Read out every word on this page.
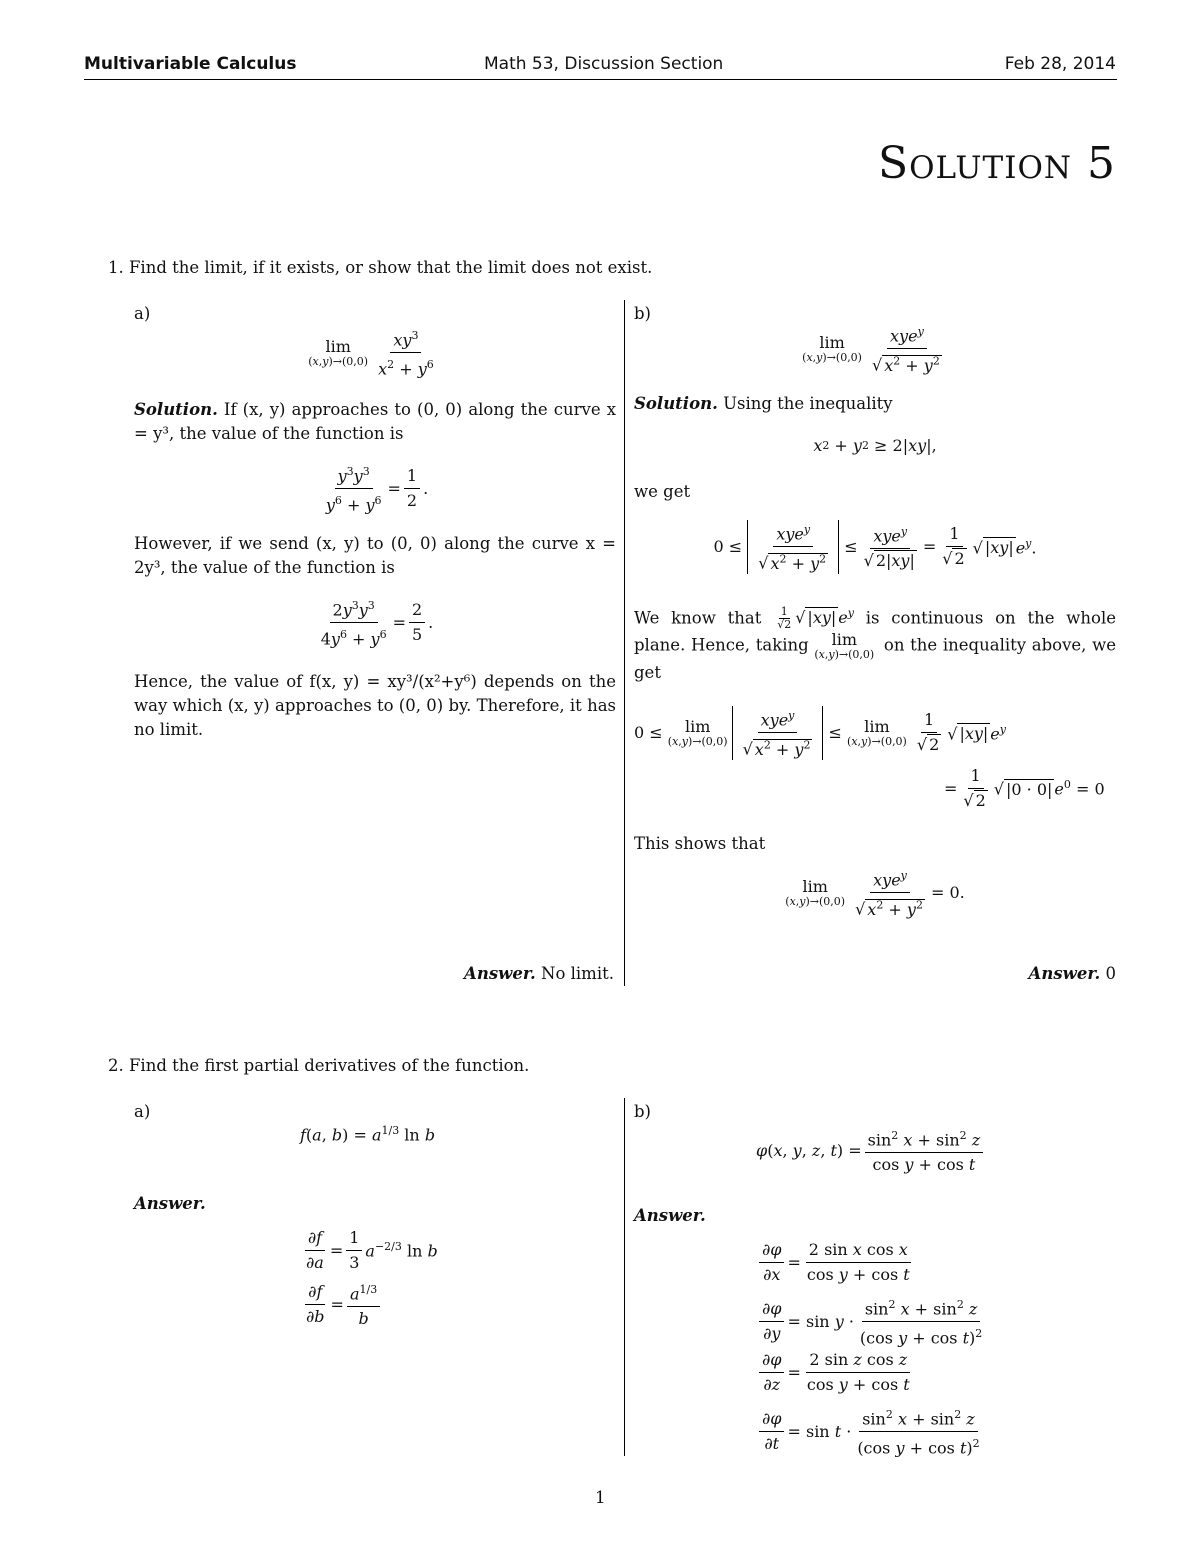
Multivariable Calculus	Math 53, Discussion Section	Feb 28, 2014
Solution 5
1. Find the limit, if it exists, or show that the limit does not exist.
a)
lim
$(x,y)\to(0,0) \frac{xy^3}{x^2 + y^6}$
Solution. If (x, y) approaches to (0, 0) along the curve x = y³, the value of the function is
$\frac{y^3y^3}{y^6 + y^6} = \frac{1}{2}$ .
However, if we send (x, y) to (0, 0) along the curve x = 2y³, the value of the function is
$\frac{2y^3y^3}{4y^6 + y^6} = \frac{2}{5}$ .
Hence, the value of f(x, y) = xy³/(x²+y⁶) depends on the way which (x, y) approaches to (0, 0) by. Therefore, it has no limit.
Answer. No limit.
b)
lim
$(x,y)\to(0,0) \frac{xye^y}{√ x^2 + y^2}$
Solution. Using the inequality
x 2 + y 2 ≥ 2| xy |,
we get
$0 \le \frac{xye^y}{√ x^2 + y^2} \le \frac{xye^y}{√ 2|xy|} = \frac{1}{√ 2}$ √ |xy| $e^y$.
We know that $\frac{1}{√2}$ √ |xy| $e^y$ is continuous on the whole plane. Hence, taking lim
(x,y)→(0,0) on the inequality above, we get
0 ≤ lim
$(x,y)\to(0,0) \frac{xye^y}{√ x^2 + y^2} \le \lim$
$(x,y)\to(0,0) \frac{1}{√ 2}$ √ |xy| $e^y$
= $\frac{1}{√ 2}$ √ |0 · 0| $e^0 = 0$
This shows that
lim
$(x,y)\to(0,0) \frac{xye^y}{√ x^2 + y^2} = 0$.
Answer. 0
2. Find the first partial derivatives of the function.
a)
f(a, $b) = a^{1/3}$ ln b
Answer.
$\frac{\partial f}{\partial a} = \frac{1}{3} a^{-2/3}$ ln b
$\frac{\partial f}{\partial b} = \frac{a^{1/3}}{b}$
b)
φ(x, y, z, $t) = \frac{\sin^2 x + \sin^2 z}{\text{cos y + cos t}}$
Answer.
$\frac{\partial\varphi}{\partial x} = \frac{\text{2 sin x cos x}}{\text{cos y + cos t}}$
$\frac{\partial\varphi}{\partial y} = \sin y \cdot \frac{\sin^2 x + \sin^2 z}{(\cos y + \cos t)^2}$
$\frac{\partial\varphi}{\partial z} = \frac{\text{2 sin z cos z}}{\text{cos y + cos t}}$
$\frac{\partial\varphi}{\partial t} = \sin t \cdot \frac{\sin^2 x + \sin^2 z}{(\cos y + \cos t)^2}$
1
